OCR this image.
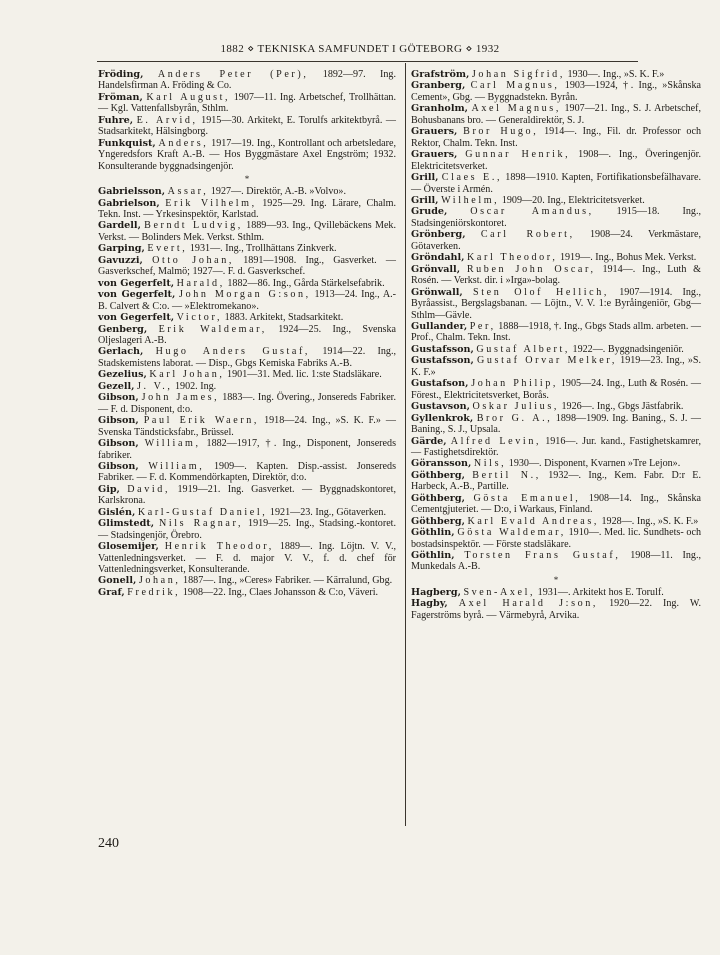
1882 ⋄ TEKNISKA SAMFUNDET I GÖTEBORG ⋄ 1932
Fröding, Anders Peter (Per), 1892—97. Ing. Handelsfirman A. Fröding & Co.
Fröman, Karl August, 1907—11. Ing. Arbetschef, Trollhättan. — Kgl. Vattenfallsbyrån, Sthlm.
Fuhre, E. Arvid, 1915—30. Arkitekt, E. Torulfs arkitektbyrå. — Stadsarkitekt, Hälsingborg.
Funkquist, Anders, 1917—19. Ing., Kontrollant och arbetsledare, Yngeredsfors Kraft A.-B. — Hos Byggmästare Axel Engström; 1932. Konsulterande byggnadsingenjör.
*
Gabrielsson, Assar, 1927—. Direktör, A.-B. »Volvo».
Gabrielson, Erik Vilhelm, 1925—29. Ing. Lärare, Chalm. Tekn. Inst. — Yrkesinspektör, Karlstad.
Gardell, Berndt Ludvig, 1889—93. Ing., Qvillebäckens Mek. Verkst. — Bolinders Mek. Verkst. Sthlm.
Garping, Evert, 1931—. Ing., Trollhättans Zinkverk.
Gavuzzi, Otto Johan, 1891—1908. Ing., Gasverket. — Gasverkschef, Malmö; 1927—. F. d. Gasverkschef.
von Gegerfelt, Harald, 1882—86. Ing., Gårda Stärkelsefabrik.
von Gegerfelt, John Morgan G:son, 1913—24. Ing., A.-B. Calvert & C:o. — »Elektromekano».
von Gegerfelt, Victor, 1883. Arkitekt, Stadsarkitekt.
Genberg, Erik Waldemar, 1924—25. Ing., Svenska Oljeslageri A.-B.
Gerlach, Hugo Anders Gustaf, 1914—22. Ing., Stadskemistens laborat. — Disp., Gbgs Kemiska Fabriks A.-B.
Gezelius, Karl Johan, 1901—31. Med. lic. 1:ste Stadsläkare.
Gezell, J. V., 1902. Ing.
Gibson, John James, 1883—. Ing. Övering., Jonsereds Fabriker. — F. d. Disponent, d:o.
Gibson, Paul Erik Waern, 1918—24. Ing., »S. K. F.» — Svenska Tändsticksfabr., Brüssel.
Gibson, William, 1882—1917, †. Ing., Disponent, Jonsereds fabriker.
Gibson, William, 1909—. Kapten. Disp.-assist. Jonsereds Fabriker. — F. d. Kommendörkapten, Direktör, d:o.
Gip, David, 1919—21. Ing. Gasverket. — Byggnadskontoret, Karlskrona.
Gislén, Karl-Gustaf Daniel, 1921—23. Ing., Götaverken.
Glimstedt, Nils Ragnar, 1919—25. Ing., Stadsing.-kontoret. — Stadsingenjör, Örebro.
Glosemijer, Henrik Theodor, 1889—. Ing. Löjtn. V. V., Vattenledningsverket. — F. d. major V. V., f. d. chef för Vattenledningsverket, Konsulterande.
Gonell, Johan, 1887—. Ing., »Ceres» Fabriker. — Kärralund, Gbg.
Graf, Fredrik, 1908—22. Ing., Claes Johansson & C:o, Väveri.
Grafström, Johan Sigfrid, 1930—. Ing., »S. K. F.»
Granberg, Carl Magnus, 1903—1924, †. Ing., »Skånska Cement», Gbg. — Byggnadstekn. Byrån.
Granholm, Axel Magnus, 1907—21. Ing., S. J. Arbetschef, Bohusbanans bro. — Generaldirektör, S. J.
Grauers, Bror Hugo, 1914—. Ing., Fil. dr. Professor och Rektor, Chalm. Tekn. Inst.
Grauers, Gunnar Henrik, 1908—. Ing., Överingenjör. Elektricitetsverket.
Grill, Claes E., 1898—1910. Kapten, Fortifikationsbefälhavare. — Överste i Armén.
Grill, Wilhelm, 1909—20. Ing., Elektricitetsverket.
Grude, Oscar Amandus, 1915—18. Ing., Stadsingeniörskontoret.
Grönberg, Carl Robert, 1908—24. Verkmästare, Götaverken.
Gröndahl, Karl Theodor, 1919—. Ing., Bohus Mek. Verkst.
Grönvall, Ruben John Oscar, 1914—. Ing., Luth & Rosén. — Verkst. dir. i »Irga»-bolag.
Grönwall, Sten Olof Hellich, 1907—1914. Ing., Byråassist., Bergslagsbanan. — Löjtn., V. V. 1:e Byråingeniör, Gbg—Sthlm—Gävle.
Gullander, Per, 1888—1918, †. Ing., Gbgs Stads allm. arbeten. — Prof., Chalm. Tekn. Inst.
Gustafsson, Gustaf Albert, 1922—. Byggnadsingeniör.
Gustafsson, Gustaf Orvar Melker, 1919—23. Ing., »S. K. F.»
Gustafson, Johan Philip, 1905—24. Ing., Luth & Rosén. — Förest., Elektricitetsverket, Borås.
Gustavson, Oskar Julius, 1926—. Ing., Gbgs Jästfabrik.
Gyllenkrok, Bror G. A., 1898—1909. Ing. Baning., S. J. — Baning., S. J., Upsala.
Gärde, Alfred Levin, 1916—. Jur. kand., Fastighetskamrer, — Fastighetsdirektör.
Göransson, Nils, 1930—. Disponent, Kvarnen »Tre Lejon».
Göthberg, Bertil N., 1932—. Ing., Kem. Fabr. D:r E. Harbeck, A.-B., Partille.
Göthberg, Gösta Emanuel, 1908—14. Ing., Skånska Cementgjuteriet. — D:o, i Warkaus, Finland.
Göthberg, Karl Evald Andreas, 1928—. Ing., »S. K. F.»
Göthlin, Gösta Waldemar, 1910—. Med. lic. Sundhets- och bostadsinspektör. — Förste stadsläkare.
Göthlin, Torsten Frans Gustaf, 1908—11. Ing., Munkedals A.-B.
*
Hagberg, Sven-Axel, 1931—. Arkitekt hos E. Torulf.
Hagby, Axel Harald J:son, 1920—22. Ing. W. Fagerströms byrå. — Värmebyrå, Arvika.
240
